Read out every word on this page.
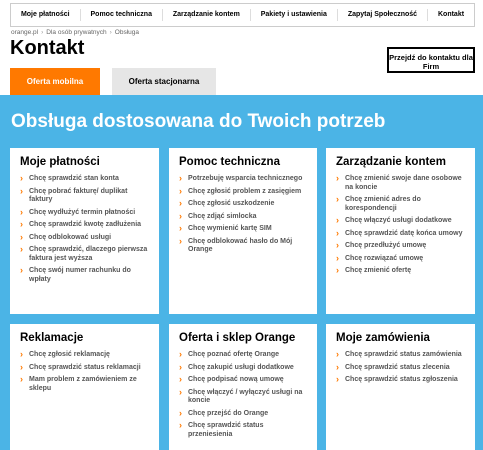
Moje płatności	Pomoc techniczna	Zarządzanie kontem	Pakiety i ustawienia	Zapytaj Społeczność	Kontakt
orange.pl › Dla osób prywatnych › Obsługa
Kontakt	Przejdź do kontaktu dla Firm
Oferta mobilna	Oferta stacjonarna
Obsługa dostosowana do Twoich potrzeb
Moje płatności
› Chcę sprawdzić stan konta
› Chcę pobrać fakturę/ duplikat faktury
› Chcę wydłużyć termin płatności
› Chcę sprawdzić kwotę zadłużenia
› Chcę odblokować usługi
› Chcę sprawdzić, dlaczego pierwsza faktura jest wyższa
› Chcę swój numer rachunku do wpłaty
Pomoc techniczna
› Potrzebuję wsparcia technicznego
› Chcę zgłosić problem z zasięgiem
› Chcę zgłosić uszkodzenie
› Chcę zdjąć simlocka
› Chcę wymienić kartę SIM
› Chcę odblokować hasło do Mój Orange
Zarządzanie kontem
› Chcę zmienić swoje dane osobowe na koncie
› Chcę zmienić adres do korespondencji
› Chcę włączyć usługi dodatkowe
› Chcę sprawdzić datę końca umowy
› Chcę przedłużyć umowę
› Chcę rozwiązać umowę
› Chcę zmienić ofertę
Reklamacje
› Chcę zgłosić reklamację
› Chcę sprawdzić status reklamacji
› Mam problem z zamówieniem ze sklepu
Oferta i sklep Orange
› Chcę poznać ofertę Orange
› Chcę zakupić usługi dodatkowe
› Chcę podpisać nową umowę
› Chcę włączyć / wyłączyć usługi na koncie
› Chcę przejść do Orange
› Chcę sprawdzić status przeniesienia
Moje zamówienia
› Chcę sprawdzić status zamówienia
› Chcę sprawdzić status zlecenia
› Chcę sprawdzić status zgłoszenia
